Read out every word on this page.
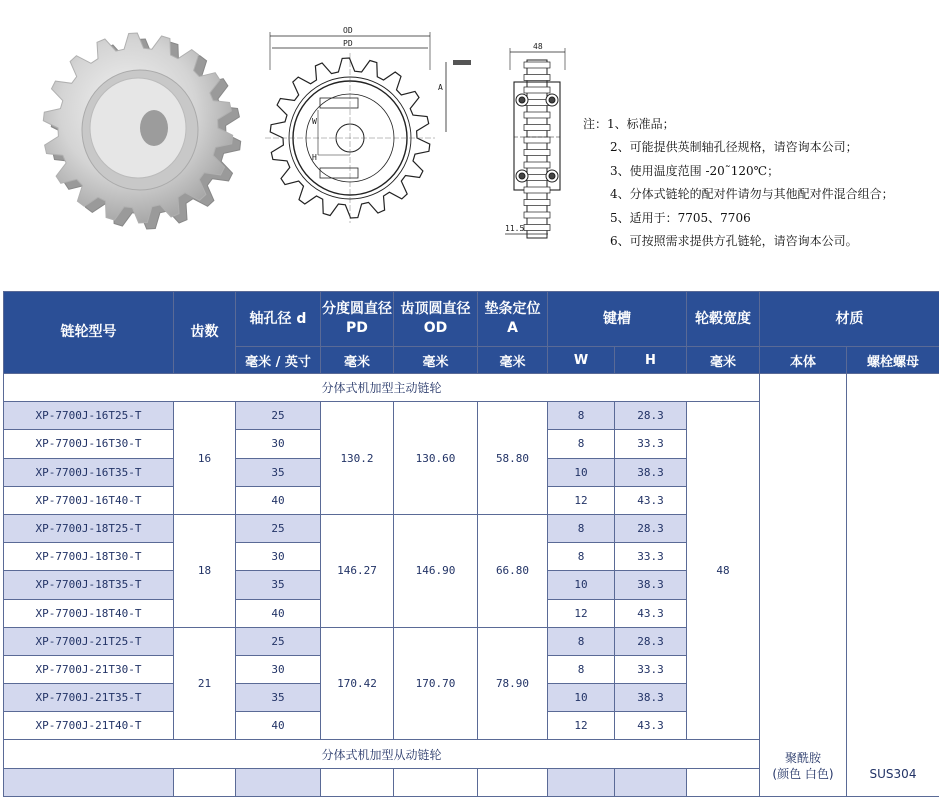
OD
PD
A
W
H
48
11.5
注：1、标准品；
2、可能提供英制轴孔径规格，请咨询本公司；
3、使用温度范围 -20˜120℃；
4、分体式链轮的配对件请勿与其他配对件混合组合；
5、适用于：7705、7706
6、可按照需求提供方孔链轮，请咨询本公司。
链轮型号	齿数	轴孔径 d	分度圆直径 PD	齿顶圆直径 OD	垫条定位 A	键槽		轮毂宽度	材质	
		毫米 / 英寸	毫米	毫米	毫米	W	H	毫米	本体	螺栓螺母
分体式机加型主动链轮									聚酰胺
(颜色 白色)	SUS304
XP-7700J-16T25-T	16	25	130.2	130.60	58.80	8	28.3	48		
XP-7700J-16T30-T		30				8	33.3			
XP-7700J-16T35-T		35				10	38.3			
XP-7700J-16T40-T		40				12	43.3			
XP-7700J-18T25-T	18	25	146.27	146.90	66.80	8	28.3			
XP-7700J-18T30-T		30				8	33.3			
XP-7700J-18T35-T		35				10	38.3			
XP-7700J-18T40-T		40				12	43.3			
XP-7700J-21T25-T	21	25	170.42	170.70	78.90	8	28.3			
XP-7700J-21T30-T		30				8	33.3			
XP-7700J-21T35-T		35				10	38.3			
XP-7700J-21T40-T		40				12	43.3			
分体式机加型从动链轮										
